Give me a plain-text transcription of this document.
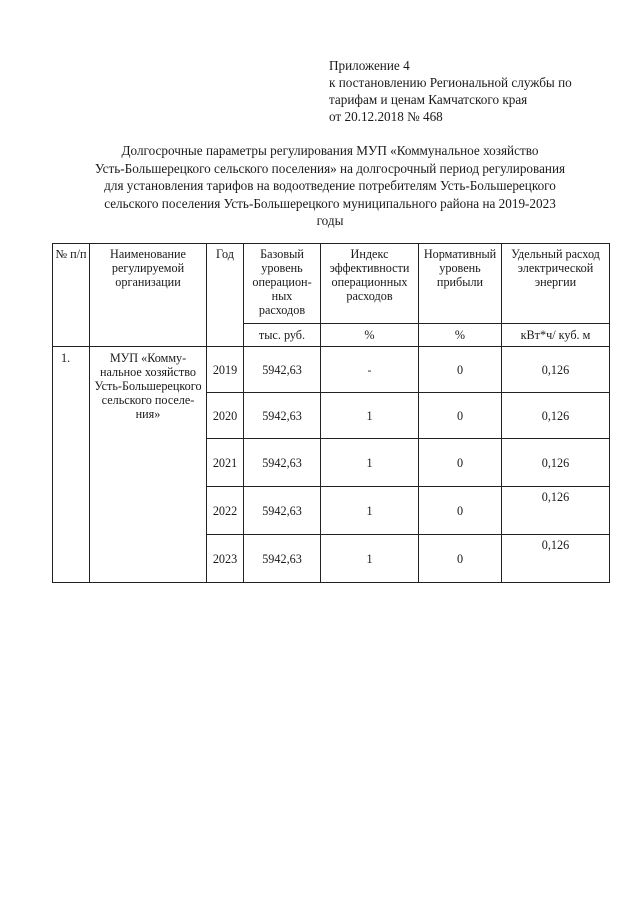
Приложение 4
к постановлению Региональной службы по
тарифам и ценам Камчатского края
от 20.12.2018 № 468
Долгосрочные параметры регулирования МУП «Коммунальное хозяйство
Усть-Большерецкого сельского поселения» на долгосрочный период регулирования
для установления тарифов на водоотведение потребителям Усть-Большерецкого
сельского поселения Усть-Большерецкого муниципального района на 2019-2023
годы
№ п/п	Наименование регулируемой организации	Год	Базовый уровень операцион-ных расходов	Индекс эффективности операционных расходов	Нормативный уровень прибыли	Удельный расход электрической энергии
			тыс. руб.	%	%	кВт*ч/ куб. м
1.	МУП «Комму-нальное хозяйство Усть-Большерецкого сельского поселе-ния»	2019	5942,63	-	0	0,126
		2020	5942,63	1	0	0,126
		2021	5942,63	1	0	0,126
		2022	5942,63	1	0	0,126
		2023	5942,63	1	0	0,126
